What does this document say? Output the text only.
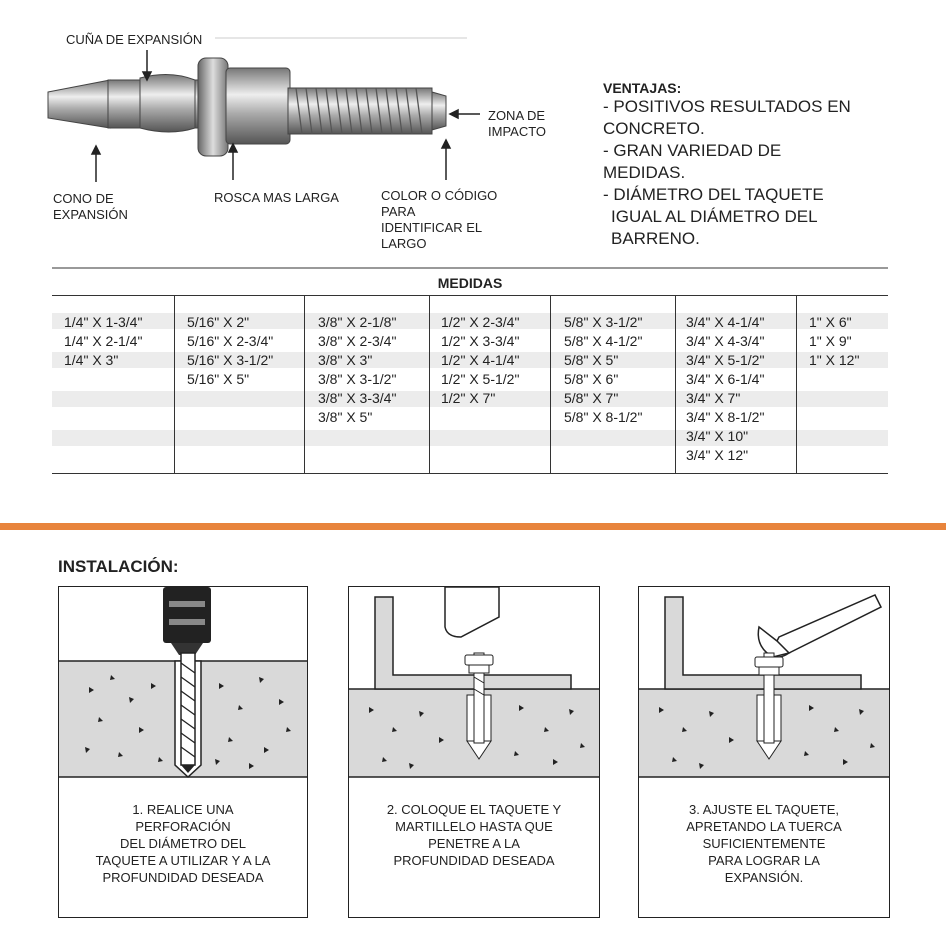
CUÑA DE EXPANSIÓN
CONO DE
EXPANSIÓN
ROSCA MAS LARGA	COLOR O CÓDIGO
PARA
IDENTIFICAR EL
LARGO
ZONA DE
IMPACTO
VENTAJAS:
- POSITIVOS RESULTADOS EN
CONCRETO.
- GRAN VARIEDAD DE
MEDIDAS.
- DIÁMETRO DEL TAQUETE
IGUAL AL DIÁMETRO DEL
BARRENO.
MEDIDAS
1/4" X 1-3/4"
1/4" X 2-1/4"
1/4" X 3"
5/16" X 2"
5/16" X 2-3/4"
5/16" X 3-1/2"
5/16" X 5"
3/8" X 2-1/8"
3/8" X 2-3/4"
3/8" X 3"
3/8" X 3-1/2"
3/8" X 3-3/4"
3/8" X 5"
1/2" X 2-3/4"
1/2" X 3-3/4"
1/2" X 4-1/4"
1/2" X 5-1/2"
1/2" X 7"
5/8" X 3-1/2"
5/8" X 4-1/2"
5/8" X 5"
5/8" X 6"
5/8" X 7"
5/8" X 8-1/2"
3/4" X 4-1/4"
3/4" X 4-3/4"
3/4" X 5-1/2"
3/4" X 6-1/4"
3/4" X 7"
3/4" X 8-1/2"
3/4" X 10"
3/4" X 12"
1" X 6"
1" X 9"
1" X 12"
INSTALACIÓN:
1. REALICE UNA
PERFORACIÓN
DEL DIÁMETRO DEL
TAQUETE A UTILIZAR Y A LA
PROFUNDIDAD DESEADA
2. COLOQUE EL TAQUETE Y
MARTILLELO HASTA QUE
PENETRE A LA
PROFUNDIDAD DESEADA
3. AJUSTE EL TAQUETE,
APRETANDO LA TUERCA
SUFICIENTEMENTE
PARA LOGRAR LA
EXPANSIÓN.
